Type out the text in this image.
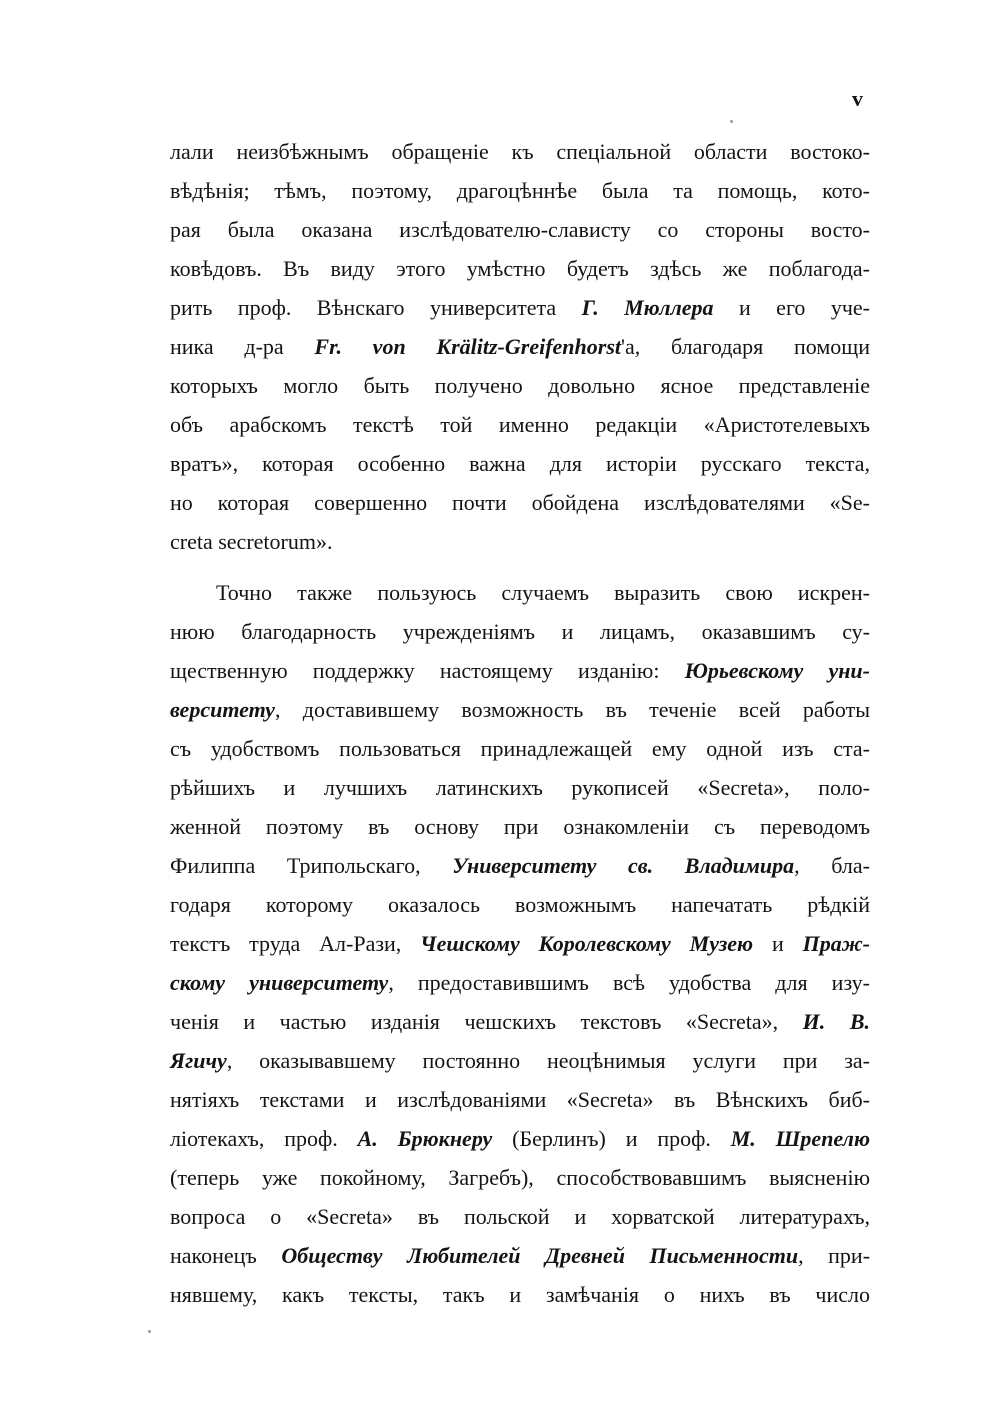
v
лали неизбѣжнымъ обращеніе къ спеціальной области востоко-
вѣдѣнія; тѣмъ, поэтому, драгоцѣннѣе была та помощь, кото-
рая была оказана изслѣдователю-слависту со стороны восто-
ковѣдовъ. Въ виду этого умѣстно будетъ здѣсь же поблагода-
рить проф. Вѣнскаго университета Г. Мюллера и его уче-
ника д-ра Fr. von Krälitz-Greifenhorst'а, благодаря помощи
которыхъ могло быть получено довольно ясное представленіе
объ арабскомъ текстѣ той именно редакціи «Аристотелевыхъ
вратъ», которая особенно важна для исторіи русскаго текста,
но которая совершенно почти обойдена изслѣдователями «Se-
creta secretorum».
Точно также пользуюсь случаемъ выразить свою искрен-
нюю благодарность учрежденіямъ и лицамъ, оказавшимъ су-
щественную поддержку настоящему изданію: Юрьевскому уни-
верситету, доставившему возможность въ теченіе всей работы
съ удобствомъ пользоваться принадлежащей ему одной изъ ста-
рѣйшихъ и лучшихъ латинскихъ рукописей «Secreta», поло-
женной поэтому въ основу при ознакомленіи съ переводомъ
Филиппа Трипольскаго, Университету св. Владимира, бла-
годаря которому оказалось возможнымъ напечатать рѣдкій
текстъ труда Ал-Рази, Чешскому Королевскому Музею и Праж-
скому университету, предоставившимъ всѣ удобства для изу-
ченія и частью изданія чешскихъ текстовъ «Secreta», И. В.
Ягичу, оказывавшему постоянно неоцѣнимыя услуги при за-
нятіяхъ текстами и изслѣдованіями «Secreta» въ Вѣнскихъ биб-
ліотекахъ, проф. А. Брюкнеру (Берлинъ) и проф. М. Шрепелю
(теперь уже покойному, Загребъ), способствовавшимъ выясненію
вопроса о «Secreta» въ польской и хорватской литературахъ,
наконецъ Обществу Любителей Древней Письменности, при-
нявшему, какъ тексты, такъ и замѣчанія о нихъ въ число
